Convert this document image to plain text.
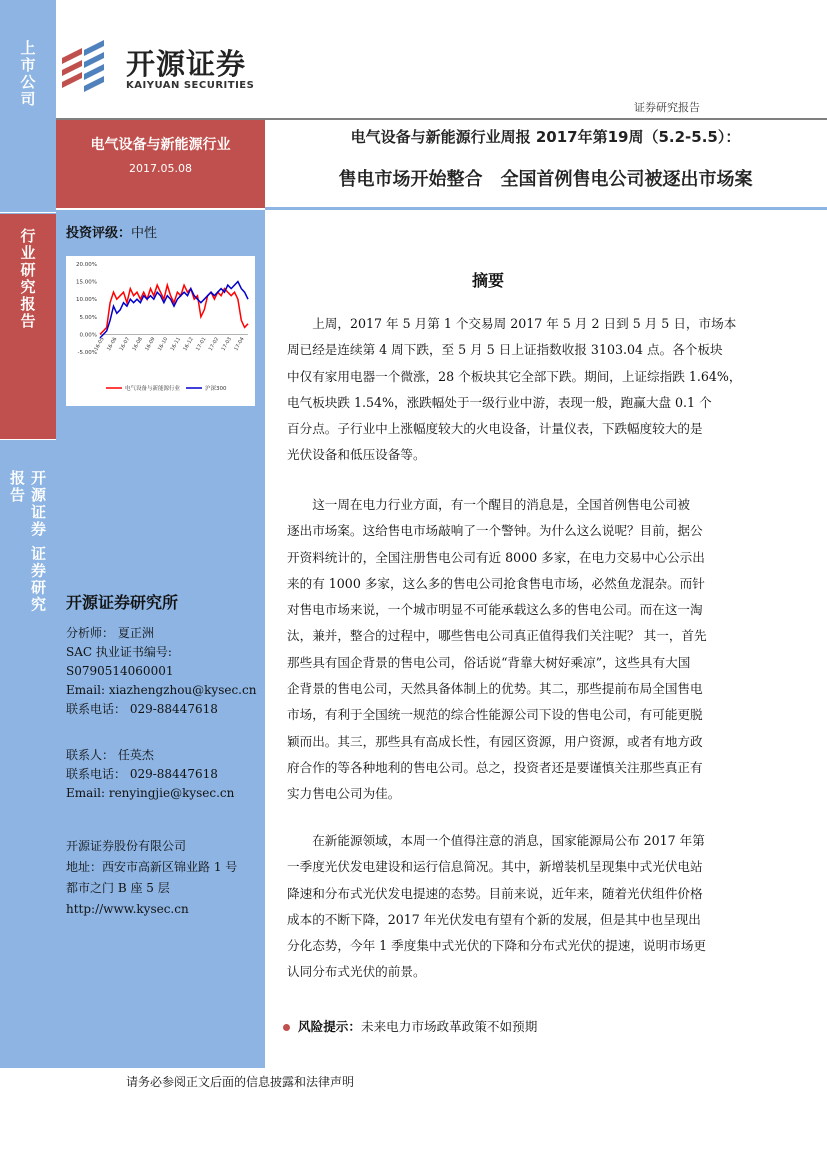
上市公司
行业研究报告
开源证券 证券研究报告
开源证券
KAIYUAN SECURITIES
证券研究报告
电气设备与新能源行业
2017.05.08
电气设备与新能源行业周报 2017年第19周（5.2-5.5）：
售电市场开始整合　全国首例售电公司被逐出市场案
投资评级：中性
20.00%
15.00%
10.00%
5.00%
0.00%
-5.00%
16-05 16-06 16-07 16-08 16-09 16-10 16-11 16-12 17-01 17-02 17-03 17-04
电气设备与新能源行业	沪深300
开源证券研究所
分析师： 夏正洲
SAC 执业证书编号:
S0790514060001
Email: xiazhengzhou@kysec.cn
联系电话： 029-88447618
联系人： 任英杰
联系电话： 029-88447618
Email: renyingjie@kysec.cn
开源证券股份有限公司
地址：西安市高新区锦业路 1 号
都市之门 B 座 5 层
http://www.kysec.cn
摘要
　　上周，2017 年 5 月第 1 个交易周 2017 年 5 月 2 日到 5 月 5 日，市场本
周已经是连续第 4 周下跌，至 5 月 5 日上证指数收报 3103.04 点。各个板块
中仅有家用电器一个微涨，28 个板块其它全部下跌。期间，上证综指跌 1.64%，
电气板块跌 1.54%，涨跌幅处于一级行业中游，表现一般，跑赢大盘 0.1 个
百分点。子行业中上涨幅度较大的火电设备，计量仪表，下跌幅度较大的是
光伏设备和低压设备等。
　　这一周在电力行业方面，有一个醒目的消息是，全国首例售电公司被
逐出市场案。这给售电市场敲响了一个警钟。为什么这么说呢？目前，据公
开资料统计的，全国注册售电公司有近 8000 多家，在电力交易中心公示出
来的有 1000 多家，这么多的售电公司抢食售电市场，必然鱼龙混杂。而针
对售电市场来说，一个城市明显不可能承载这么多的售电公司。而在这一淘
汰，兼并，整合的过程中，哪些售电公司真正值得我们关注呢？ 其一，首先
那些具有国企背景的售电公司，俗话说“背靠大树好乘凉”，这些具有大国
企背景的售电公司，天然具备体制上的优势。其二，那些提前布局全国售电
市场，有利于全国统一规范的综合性能源公司下设的售电公司，有可能更脱
颖而出。其三，那些具有高成长性，有园区资源，用户资源，或者有地方政
府合作的等各种地利的售电公司。总之，投资者还是要谨慎关注那些真正有
实力售电公司为佳。
　　在新能源领域，本周一个值得注意的消息，国家能源局公布 2017 年第
一季度光伏发电建设和运行信息简况。其中，新增装机呈现集中式光伏电站
降速和分布式光伏发电提速的态势。目前来说，近年来，随着光伏组件价格
成本的不断下降，2017 年光伏发电有望有个新的发展，但是其中也呈现出
分化态势，今年 1 季度集中式光伏的下降和分布式光伏的提速，说明市场更
认同分布式光伏的前景。
风险提示：未来电力市场政革政策不如预期
请务必参阅正文后面的信息披露和法律声明
